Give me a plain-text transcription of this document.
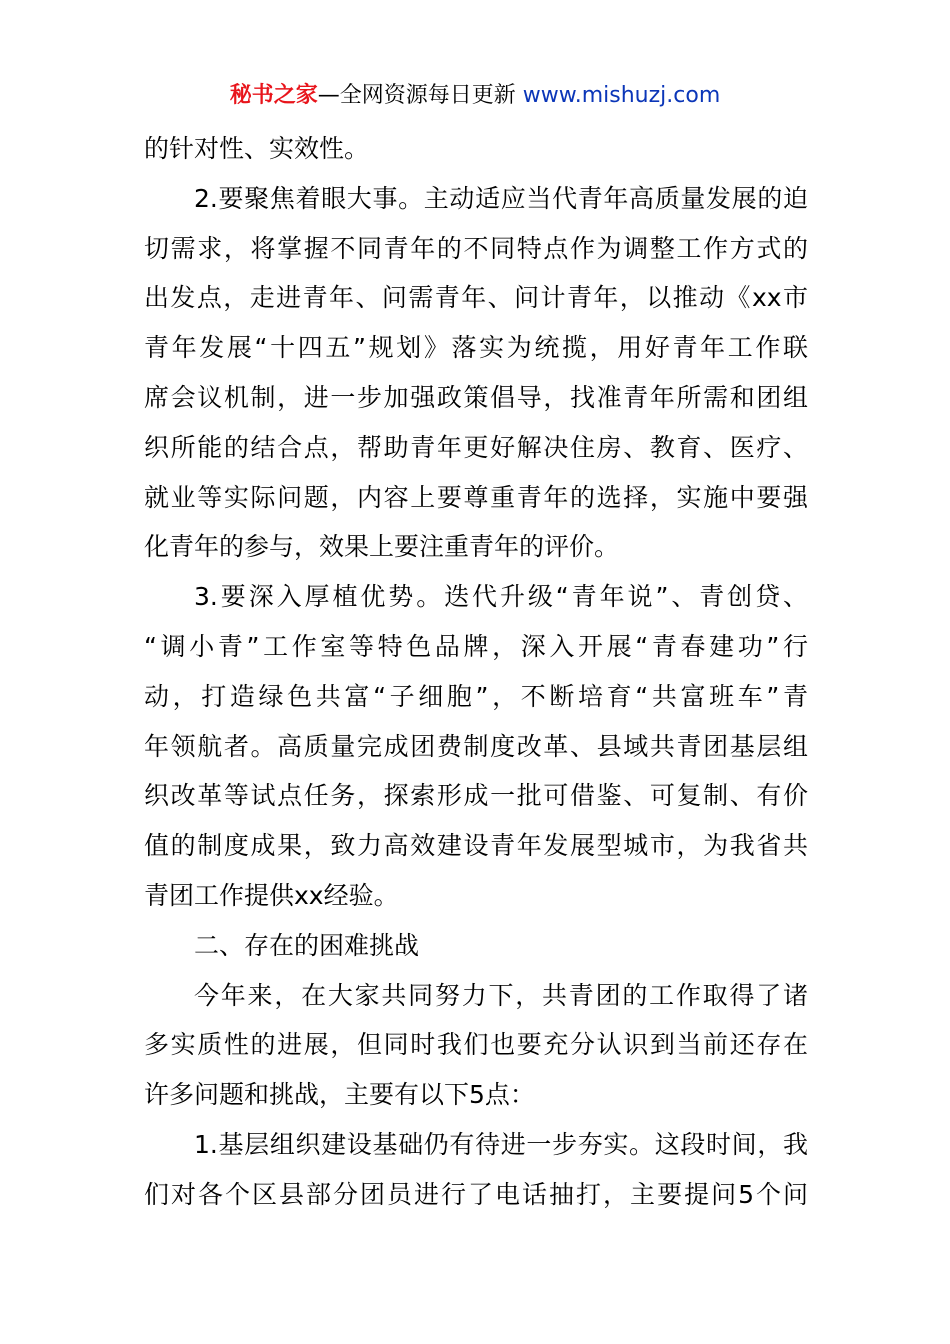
秘书之家—全网资源每日更新 www.mishuzj.com
的针对性、实效性。
2.要聚焦着眼大事。主动适应当代青年高质量发展的迫
切需求，将掌握不同青年的不同特点作为调整工作方式的
出发点，走进青年、问需青年、问计青年，以推动《xx市
青年发展“十四五”规划》落实为统揽，用好青年工作联
席会议机制，进一步加强政策倡导，找准青年所需和团组
织所能的结合点，帮助青年更好解决住房、教育、医疗、
就业等实际问题，内容上要尊重青年的选择，实施中要强
化青年的参与，效果上要注重青年的评价。
3.要深入厚植优势。迭代升级“青年说”、青创贷、
“调小青”工作室等特色品牌，深入开展“青春建功”行
动，打造绿色共富“子细胞”，不断培育“共富班车”青
年领航者。高质量完成团费制度改革、县域共青团基层组
织改革等试点任务，探索形成一批可借鉴、可复制、有价
值的制度成果，致力高效建设青年发展型城市，为我省共
青团工作提供xx经验。
二、存在的困难挑战
今年来，在大家共同努力下，共青团的工作取得了诸
多实质性的进展，但同时我们也要充分认识到当前还存在
许多问题和挑战，主要有以下5点：
1.基层组织建设基础仍有待进一步夯实。这段时间，我
们对各个区县部分团员进行了电话抽打，主要提问5个问
